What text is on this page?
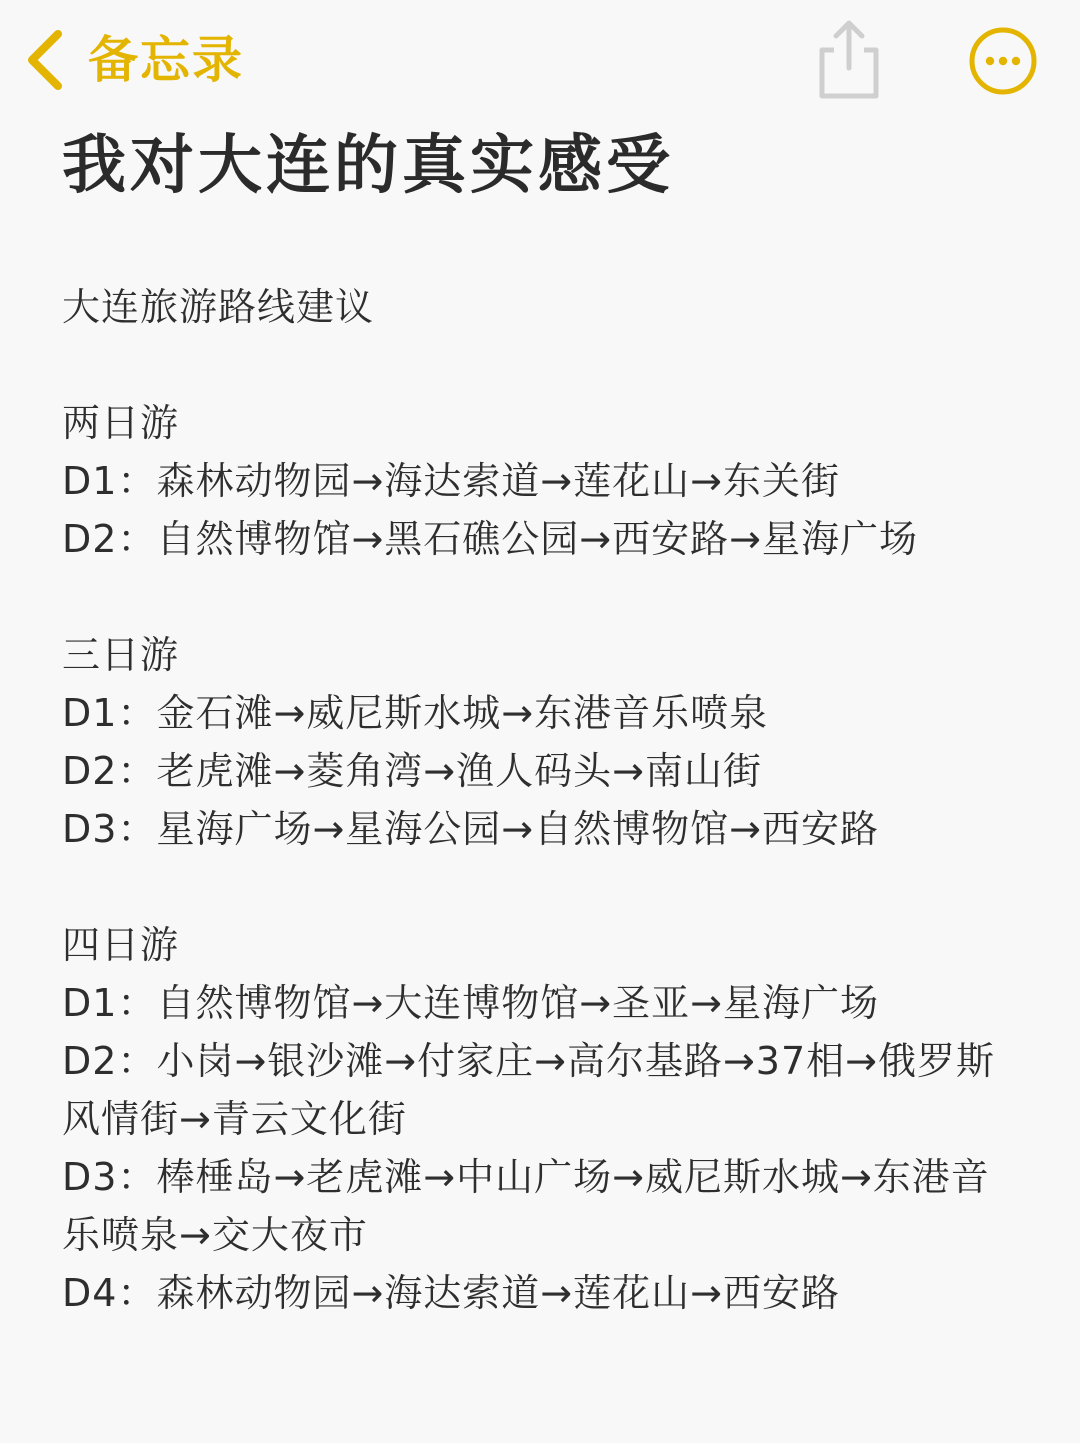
备忘录
我对大连的真实感受

大连旅游路线建议

两日游

D1：森林动物园→海达索道→莲花山→东关街

D2：自然博物馆→黑石礁公园→西安路→星海广场

三日游

D1：金石滩→威尼斯水城→东港音乐喷泉

D2：老虎滩→菱角湾→渔人码头→南山街

D3：星海广场→星海公园→自然博物馆→西安路

四日游

D1：自然博物馆→大连博物馆→圣亚→星海广场

D2：小岗→银沙滩→付家庄→高尔基路→37相→俄罗斯风情街→青云文化街

D3：棒棰岛→老虎滩→中山广场→威尼斯水城→东港音乐喷泉→交大夜市

D4：森林动物园→海达索道→莲花山→西安路
